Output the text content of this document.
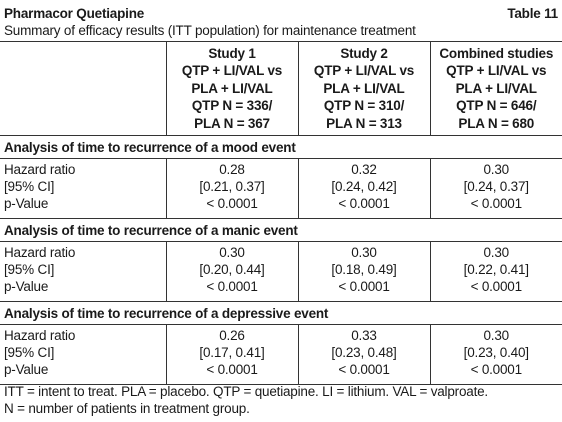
Pharmacor Quetiapine	Table 11
Summary of efficacy results (ITT population) for maintenance treatment

	Study 1
QTP + LI/VAL vs
PLA + LI/VAL
QTP N = 336/
PLA N = 367	Study 2
QTP + LI/VAL vs
PLA + LI/VAL
QTP N = 310/
PLA N = 313	Combined studies
QTP + LI/VAL vs
PLA + LI/VAL
QTP N = 646/
PLA N = 680

Analysis of time to recurrence of a mood event			

Hazard ratio
[95% CI]
p-Value	0.28
[0.21, 0.37]
< 0.0001	0.32
[0.24, 0.42]
< 0.0001	0.30
[0.24, 0.37]
< 0.0001

Analysis of time to recurrence of a manic event			

Hazard ratio
[95% CI]
p-Value	0.30
[0.20, 0.44]
< 0.0001	0.30
[0.18, 0.49]
< 0.0001	0.30
[0.22, 0.41]
< 0.0001

Analysis of time to recurrence of a depressive event			

Hazard ratio
[95% CI]
p-Value	0.26
[0.17, 0.41]
< 0.0001	0.33
[0.23, 0.48]
< 0.0001	0.30
[0.23, 0.40]
< 0.0001
ITT = intent to treat. PLA = placebo. QTP = quetiapine. LI = lithium. VAL = valproate.
N = number of patients in treatment group.
